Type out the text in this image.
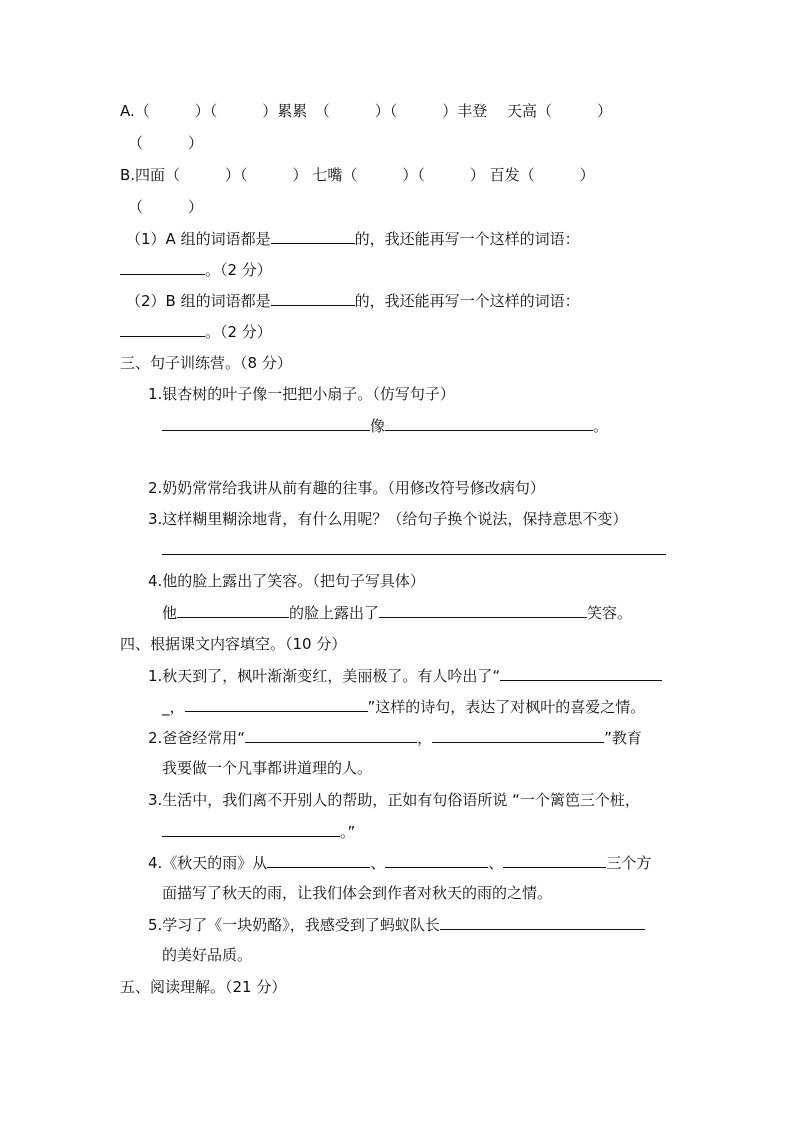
A.（　　　）（　　　）累累　（　　　）（　　　）丰登　 天高（　　　）
（　　　）
B.四面（　　　）（　　　） 七嘴（　　　）（　　　） 百发（　　　）
（　　　）
（1）A 组的词语都是	的，我还能再写一个这样的词语：
。（2 分）
（2）B 组的词语都是	的，我还能再写一个这样的词语：
。（2 分）
三、句子训练营。（8 分）
1.银杏树的叶子像一把把小扇子。（仿写句子）
像	。
2.奶奶常常给我讲从前有趣的往事。（用修改符号修改病句）
3.这样糊里糊涂地背，有什么用呢？（给句子换个说法，保持意思不变）
4.他的脸上露出了笑容。（把句子写具体）
他	的脸上露出了	笑容。
四、根据课文内容填空。（10 分）
1.秋天到了，枫叶渐渐变红，美丽极了。有人吟出了“
_，	”这样的诗句，表达了对枫叶的喜爱之情。
2.爸爸经常用“	，	”教育
我要做一个凡事都讲道理的人。
3.生活中，我们离不开别人的帮助，正如有句俗语所说 “一个篱笆三个桩，
。”
4.《秋天的雨》从	、	、	三个方
面描写了秋天的雨，让我们体会到作者对秋天的雨的之情。
5.学习了《一块奶酪》，我感受到了蚂蚁队长
的美好品质。
五、阅读理解。（21 分）
